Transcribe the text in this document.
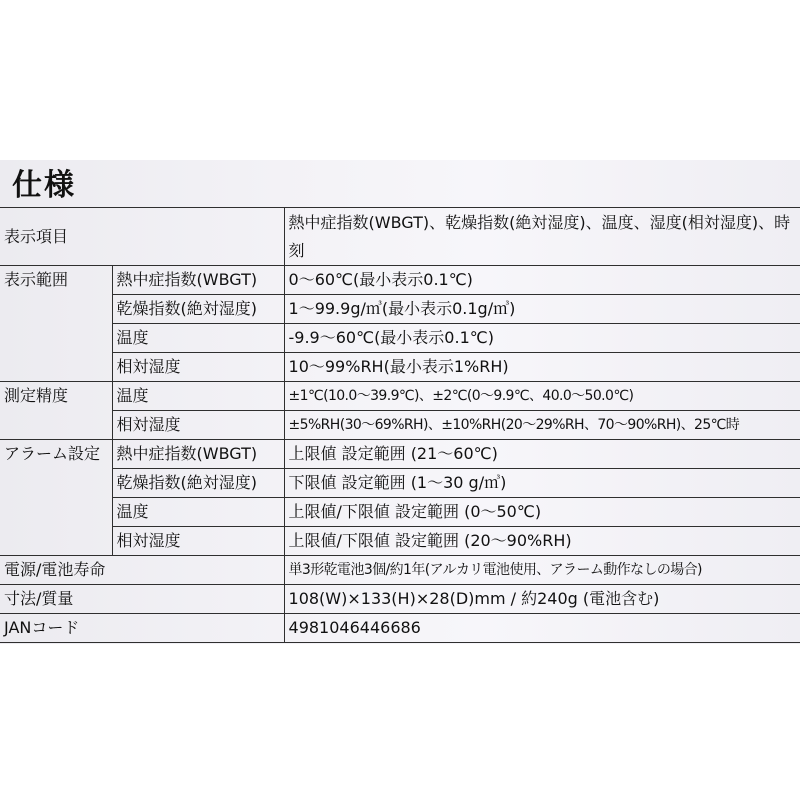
仕様
表示項目		熱中症指数(WBGT)、乾燥指数(絶対湿度)、温度、湿度(相対湿度)、時刻
表示範囲	熱中症指数(WBGT)	0〜60℃(最小表示0.1℃)
	乾燥指数(絶対湿度)	1〜99.9g/㎥(最小表示0.1g/㎥)
	温度	-9.9〜60℃(最小表示0.1℃)
	相対湿度	10〜99%RH(最小表示1%RH)
測定精度	温度	±1℃(10.0〜39.9℃)、±2℃(0〜9.9℃、40.0〜50.0℃)
	相対湿度	±5%RH(30〜69%RH)、±10%RH(20〜29%RH、70〜90%RH)、25℃時
アラーム設定	熱中症指数(WBGT)	上限値 設定範囲 (21〜60℃)
	乾燥指数(絶対湿度)	下限値 設定範囲 (1〜30 g/㎥)
	温度	上限値/下限値 設定範囲 (0〜50℃)
	相対湿度	上限値/下限値 設定範囲 (20〜90%RH)
電源/電池寿命		単3形乾電池3個/約1年(アルカリ電池使用、アラーム動作なしの場合)
寸法/質量		108(W)×133(H)×28(D)mm / 約240g (電池含む)
JANコード		4981046446686
